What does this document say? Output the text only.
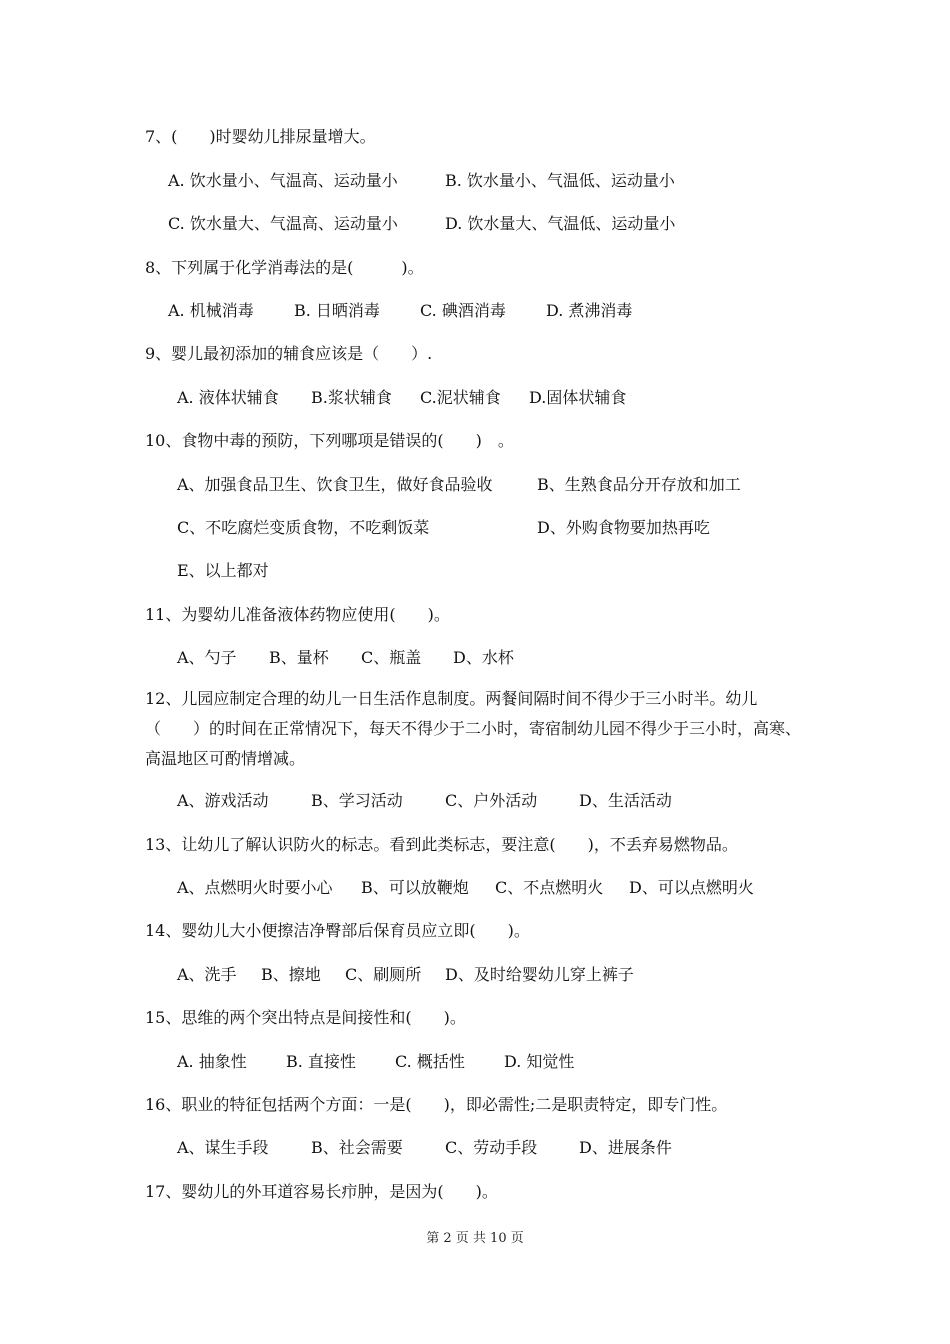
7、(　　)时婴幼儿排尿量增大。
A. 饮水量小、气温高、运动量小	B. 饮水量小、气温低、运动量小
C. 饮水量大、气温高、运动量小	D. 饮水量大、气温低、运动量小
8、下列属于化学消毒法的是(　　　)。
A. 机械消毒	B. 日晒消毒	C. 碘酒消毒	D. 煮沸消毒
9、婴儿最初添加的辅食应该是（　　）.
A. 液体状辅食 B.浆状辅食 C.泥状辅食 D.固体状辅食
10、食物中毒的预防，下列哪项是错误的(　　)　。
A、加强食品卫生、饮食卫生，做好食品验收	B、生熟食品分开存放和加工
C、不吃腐烂变质食物，不吃剩饭菜	D、外购食物要加热再吃
E、以上都对
11、为婴幼儿准备液体药物应使用(　　)。
A、勺子 B、量杯 C、瓶盖 D、水杯
12、儿园应制定合理的幼儿一日生活作息制度。两餐间隔时间不得少于三小时半。幼儿（　　）的时间在正常情况下，每天不得少于二小时，寄宿制幼儿园不得少于三小时，高寒、高温地区可酌情增减。
A、游戏活动	B、学习活动	C、户外活动	D、生活活动
13、让幼儿了解认识防火的标志。看到此类标志，要注意(　　)，不丢弃易燃物品。
A、点燃明火时要小心 B、可以放鞭炮 C、不点燃明火 D、可以点燃明火
14、婴幼儿大小便擦洁净臀部后保育员应立即(　　)。
A、洗手 B、擦地 C、刷厕所 D、及时给婴幼儿穿上裤子
15、思维的两个突出特点是间接性和(　　)。
A. 抽象性 B. 直接性 C. 概括性 D. 知觉性
16、职业的特征包括两个方面：一是(　　)，即必需性;二是职责特定，即专门性。
A、谋生手段	B、社会需要	C、劳动手段	D、进展条件
17、婴幼儿的外耳道容易长疖肿，是因为(　　)。
第 2 页 共 10 页
